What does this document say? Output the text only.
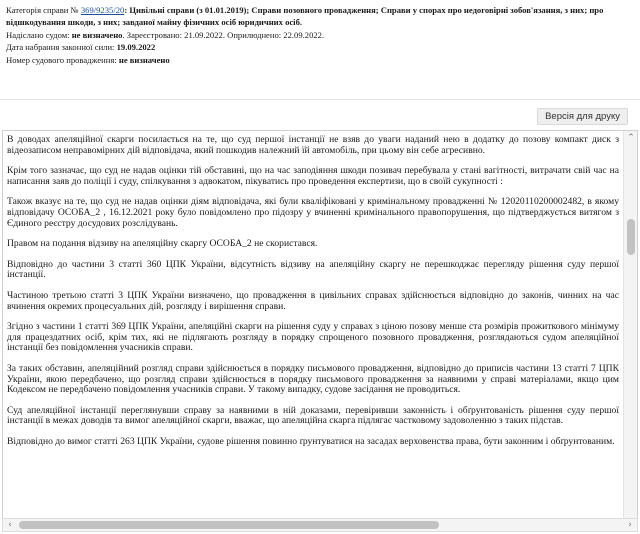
Категорія справи № 369/9235/20: Цивільні справи (з 01.01.2019); Справи позовного провадження; Справи у спорах про недоговірні зобов'язання, з них; про відшкодування шкоди, з них; завданої майну фізичних осіб юридичних осіб.
Надіслано судом: не визначено. Зареєстровано: 21.09.2022. Оприлюднено: 22.09.2022.
Дата набрання законної сили: 19.09.2022
Номер судового провадження: не визначено
Версія для друку

В доводах апеляційної скарги посилається на те, що суд першої інстанції не взяв до уваги наданий нею в додатку до позову компакт диск з відеозаписом неправомірних дій відповідача, який пошкодив належний їй автомобіль, при цьому він себе агресивно.

Крім того зазначає, що суд не надав оцінки тій обставині, що на час заподіяння шкоди позивач перебувала у стані вагітності, витрачати свій час на написання заяв до поліції і суду, спілкування з адвокатом, пікуватись про проведення експертизи, що в своїй сукупності :

Також вказує на те, що суд не надав оцінки діям відповідача, які були кваліфіковані у кримінальному провадженні № 12020110200002482, в якому відповідачу ОСОБА_2 , 16.12.2021 року було повідомлено про підозру у вчиненні кримінального правопорушення, що підтверджується витягом з Єдиного реєстру досудових розслідувань.

Правом на подання відзиву на апеляційну скаргу ОСОБА_2 не скористався.

Відповідно до частини 3 статті 360 ЦПК України, відсутність відзиву на апеляційну скаргу не перешкоджає перегляду рішення суду першої інстанції.

Частиною третьою статті 3 ЦПК України визначено, що провадження в цивільних справах здійснюється відповідно до законів, чинних на час вчинення окремих процесуальних дій, розгляду і вирішення справи.

Згідно з частини 1 статті 369 ЦПК України, апеляційні скарги на рішення суду у справах з ціною позову менше ста розмірів прожиткового мінімуму для працездатних осіб, крім тих, які не підлягають розгляду в порядку спрощеного позовного провадження, розглядаються судом апеляційної інстанції без повідомлення учасників справи.

За таких обставин, апеляційний розгляд справи здійснюється в порядку письмового провадження, відповідно до приписів частини 13 статті 7 ЦПК України, якою передбачено, що розгляд справи здійснюється в порядку письмового провадження за наявними у справі матеріалами, якщо цим Кодексом не передбачено повідомлення учасників справи. У такому випадку, судове засідання не проводиться.

Суд апеляційної інстанції переглянувши справу за наявними в ній доказами, перевіривши законність і обґрунтованість рішення суду першої інстанції в межах доводів та вимог апеляційної скарги, вважає, що апеляційна скарга підлягає частковому задоволенню з таких підстав.

Відповідно до вимог статті 263 ЦПК України, судове рішення повинно ґрунтуватися на засадах верховенства права, бути законним і обґрунтованим.

⌃
‹	›
